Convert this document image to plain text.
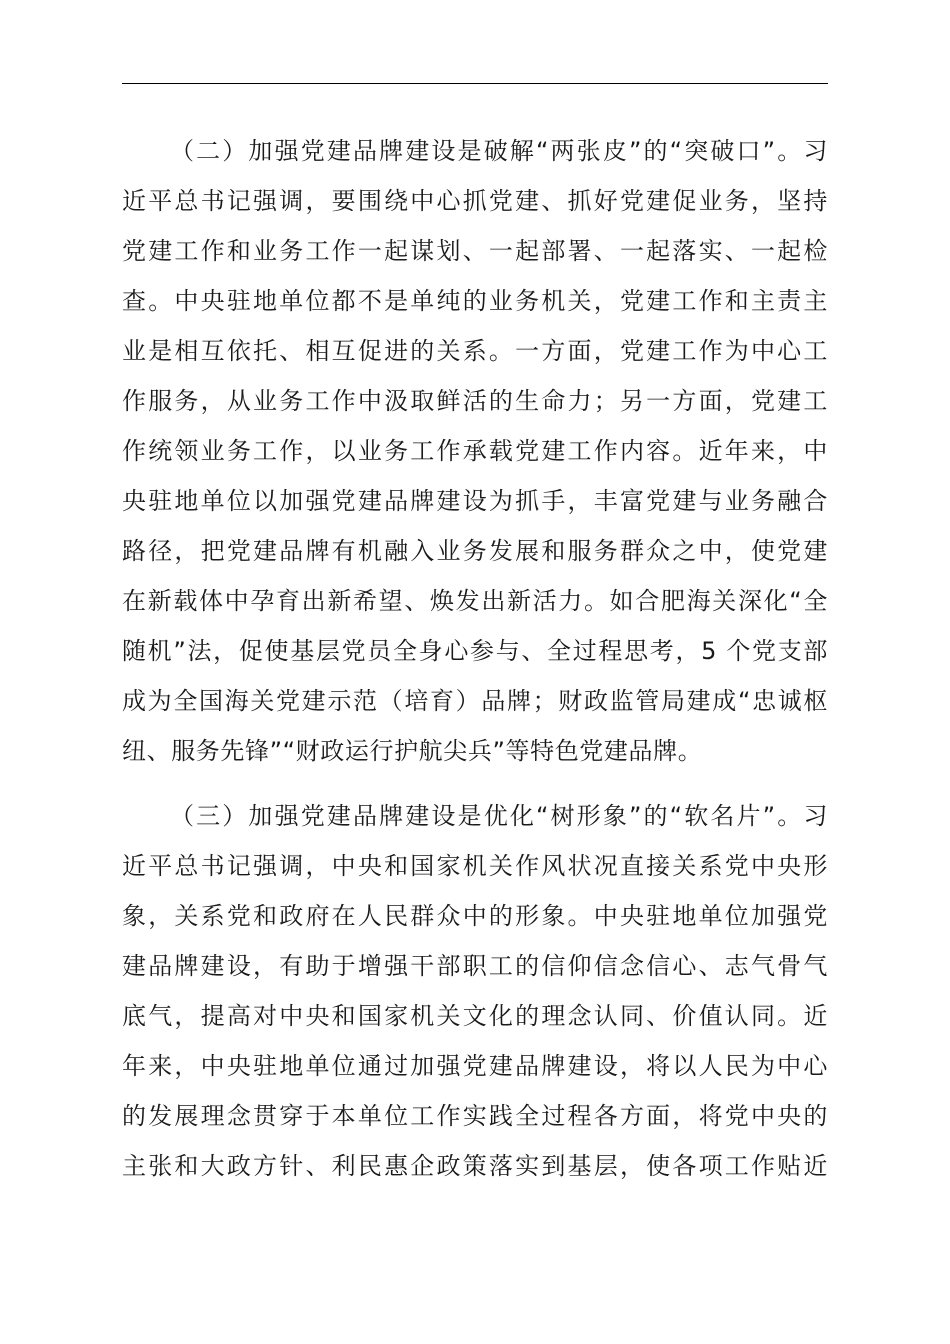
（二）加强党建品牌建设是破解“两张皮”的“突破口”。习
近平总书记强调，要围绕中心抓党建、抓好党建促业务，坚持
党建工作和业务工作一起谋划、一起部署、一起落实、一起检
查。中央驻地单位都不是单纯的业务机关，党建工作和主责主
业是相互依托、相互促进的关系。一方面，党建工作为中心工
作服务，从业务工作中汲取鲜活的生命力；另一方面，党建工
作统领业务工作，以业务工作承载党建工作内容。近年来，中
央驻地单位以加强党建品牌建设为抓手，丰富党建与业务融合
路径，把党建品牌有机融入业务发展和服务群众之中，使党建
在新载体中孕育出新希望、焕发出新活力。如合肥海关深化“全
随机”法，促使基层党员全身心参与、全过程思考，5 个党支部
成为全国海关党建示范（培育）品牌；财政监管局建成“忠诚枢
纽、服务先锋”“财政运行护航尖兵”等特色党建品牌。
（三）加强党建品牌建设是优化“树形象”的“软名片”。习
近平总书记强调，中央和国家机关作风状况直接关系党中央形
象，关系党和政府在人民群众中的形象。中央驻地单位加强党
建品牌建设，有助于增强干部职工的信仰信念信心、志气骨气
底气，提高对中央和国家机关文化的理念认同、价值认同。近
年来，中央驻地单位通过加强党建品牌建设，将以人民为中心
的发展理念贯穿于本单位工作实践全过程各方面，将党中央的
主张和大政方针、利民惠企政策落实到基层，使各项工作贴近
